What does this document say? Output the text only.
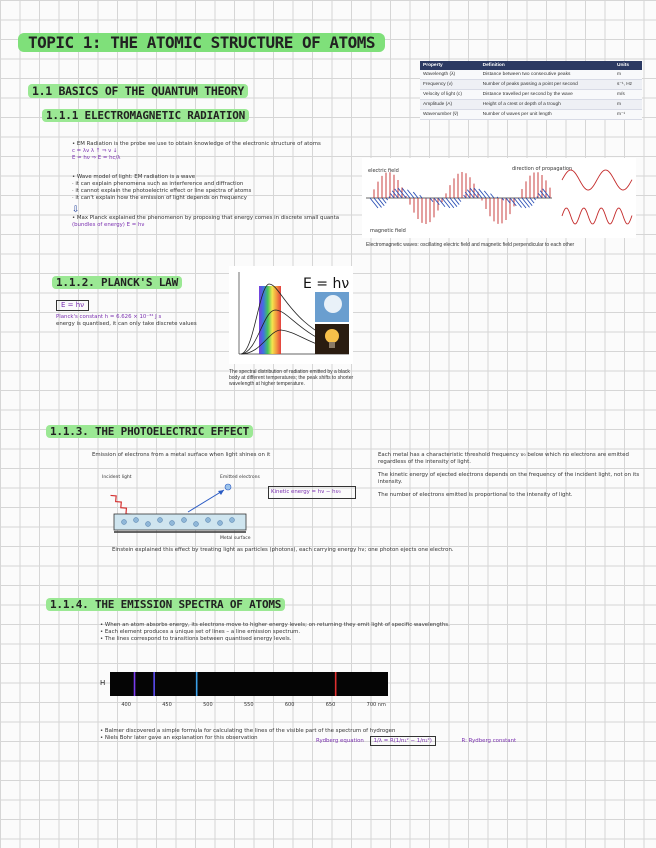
TOPIC 1: THE ATOMIC STRUCTURE OF ATOMS
Property	Definition	Units
Wavelength (λ)	Distance between two consecutive peaks	m
Frequency (ν)	Number of peaks passing a point per second	s⁻¹, Hz
Velocity of light (c)	Distance travelled per second by the wave	m/s
Amplitude (A)	Height of a crest or depth of a trough	m
Wavenumber (ṽ)	Number of waves per unit length	m⁻¹
1.1 BASICS OF THE QUANTUM THEORY
1.1.1 ELECTROMAGNETIC RADIATION
• EM Radiation is the probe we use to obtain knowledge of the electronic structure of atoms
c = λν λ ↑ ⇒ ν ↓
E = hν ⇒ E = hc/λ
• Wave model of light: EM radiation is a wave
· it can explain phenomena such as interference and diffraction
· it cannot explain the photoelectric effect or line spectra of atoms
· it can't explain how the emission of light depends on frequency
⇩
• Max Planck explained the phenomenon by proposing that energy comes in discrete small quanta
(bundles of energy) E = hν
electric field	direction of propagation
magnetic field
Electromagnetic waves: oscillating electric field and magnetic field perpendicular to each other
1.1.2. PLANCK'S LAW
E = hν
Planck's constant h = 6.626 × 10⁻³⁴ J s
energy is quantised, it can only take discrete values
E = hν
The spectral distribution of radiation emitted by a black body at different temperatures; the peak shifts to shorter wavelength at higher temperature.
1.1.3. THE PHOTOELECTRIC EFFECT
Emission of electrons from a metal surface when light shines on it
Incident light	Emitted electrons
Metal surface
Kinetic energy = hν − hν₀
Each metal has a characteristic threshold frequency ν₀ below which no electrons are emitted regardless of the intensity of light.
The kinetic energy of ejected electrons depends on the frequency of the incident light, not on its intensity.
The number of electrons emitted is proportional to the intensity of light.
Einstein explained this effect by treating light as particles (photons), each carrying energy hν; one photon ejects one electron.
1.1.4. THE EMISSION SPECTRA OF ATOMS
• When an atom absorbs energy, its electrons move to higher energy levels; on returning they emit light of specific wavelengths.
• Each element produces a unique set of lines – a line emission spectrum.
• The lines correspond to transitions between quantised energy levels.
H
400	450	500	550	600	650	700 nm
• Balmer discovered a simple formula for calculating the lines of the visible part of the spectrum of hydrogen
• Niels Bohr later gave an explanation for this observation	Rydberg equation 1/λ = R(1/n₁² − 1/n₂²)	R: Rydberg constant
